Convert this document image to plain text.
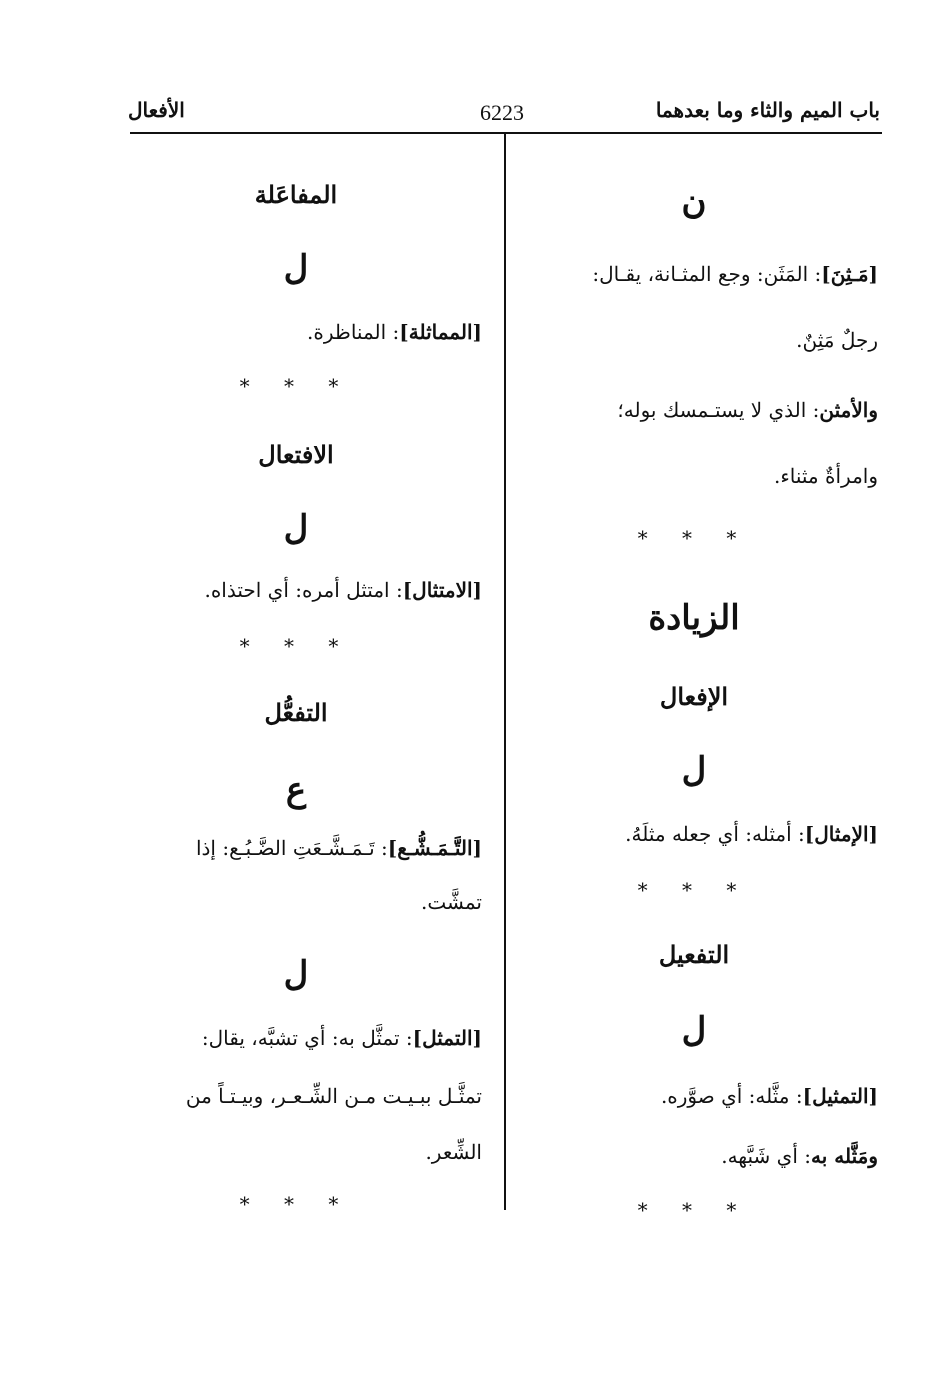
باب الميم والثاء وما بعدهما
6223
الأفعال
ن
[مَـثِنَ]: المَثَن: وجع المثـانة، يقـال:
رجلٌ مَثِنٌ.
والأمثن: الذي لا يستـمسك بوله؛
وامرأةٌ مثناء.
* * *
الزيادة
الإفعال
ل
[الإمثال]: أمثله: أي جعله مثلَهُ.
* * *
التفعيل
ل
[التمثيل]: مثَّله: أي صوَّره.
ومَثَّله به: أي شَبَّهه.
* * *
المفاعَلة
ل
[المماثلة]: المناظرة.
* * *
الافتعال
ل
[الامتثال]: امتثل أمره: أي احتذاه.
* * *
التفعُّل
ع
[التَّـمَـشُّـع]: تَـمَـشَّـعَتِ الضَّـبُـع: إذا
تمشَّت.
ل
[التمثل]: تمثَّل به: أي تشبَّه، يقال:
تمثَّـل ببـيـت مـن الشِّـعـر، وبيـتـاً من
الشِّعر.
* * *
